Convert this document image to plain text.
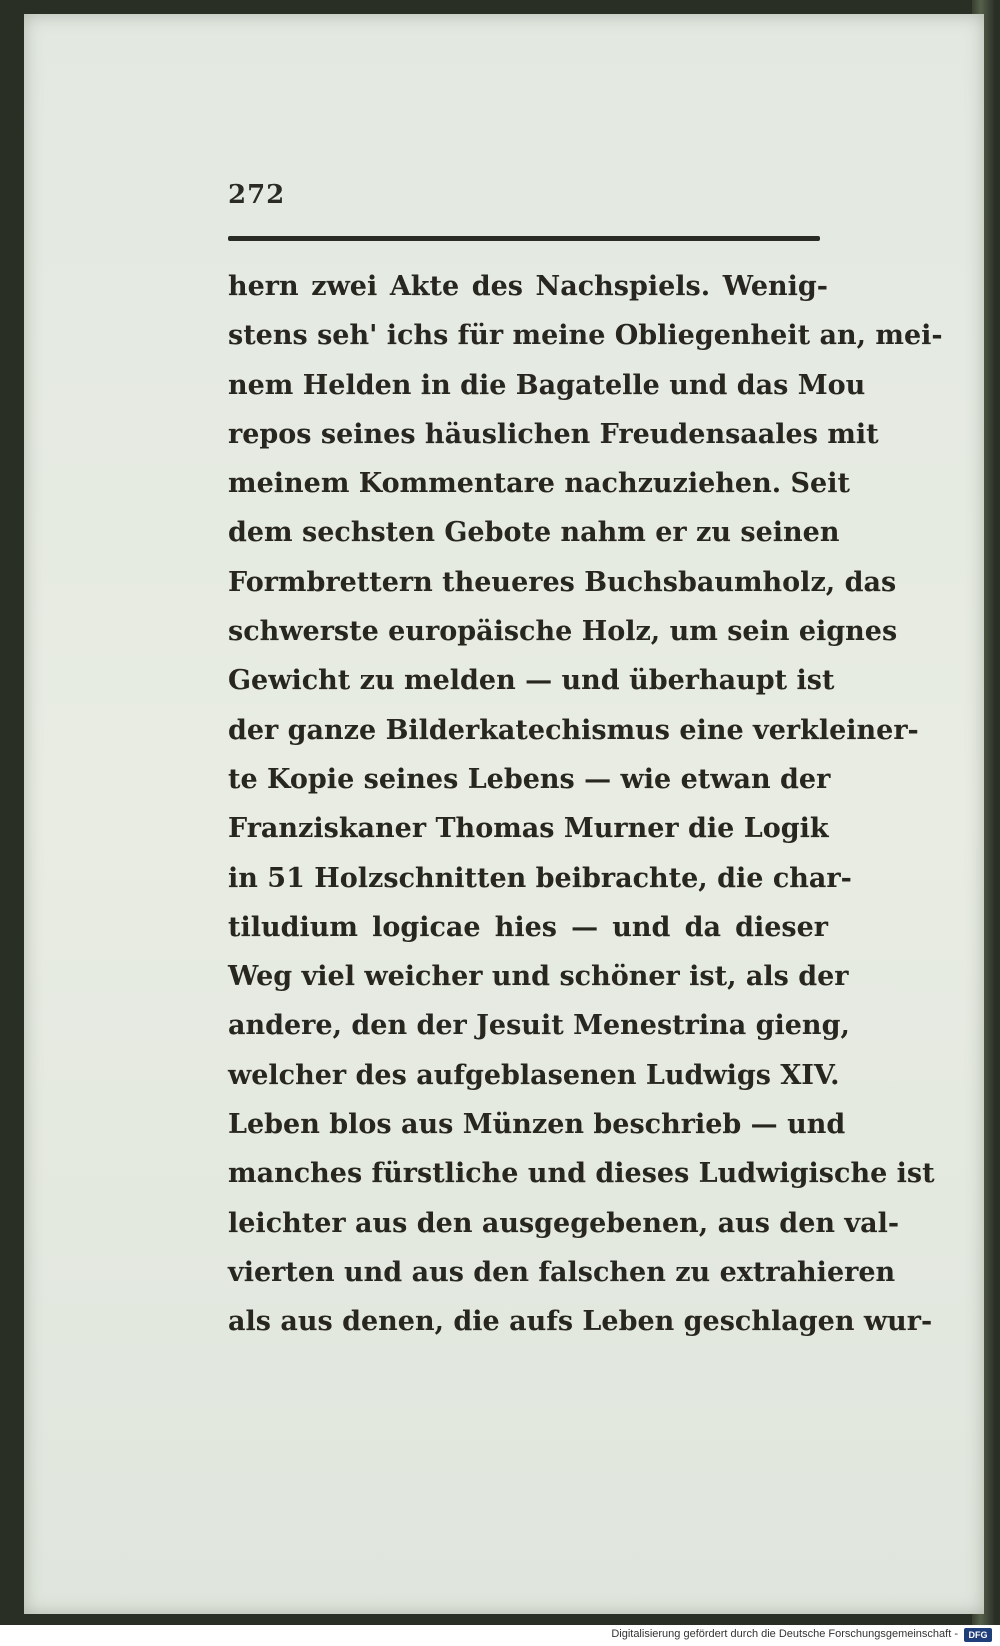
272
hern zwei Akte des Nachspiels. Wenig-
stens seh' ichs für meine Obliegenheit an, mei-
nem Helden in die Bagatelle und das Mou
repos seines häuslichen Freudensaales mit
meinem Kommentare nachzuziehen. Seit
dem sechsten Gebote nahm er zu seinen
Formbrettern theueres Buchsbaumholz, das
schwerste europäische Holz, um sein eignes
Gewicht zu melden — und überhaupt ist
der ganze Bilderkatechismus eine verkleiner-
te Kopie seines Lebens — wie etwan der
Franziskaner Thomas Murner die Logik
in 51 Holzschnitten beibrachte, die char-
tiludium logicae hies — und da dieser
Weg viel weicher und schöner ist, als der
andere, den der Jesuit Menestrina gieng,
welcher des aufgeblasenen Ludwigs XIV.
Leben blos aus Münzen beschrieb — und
manches fürstliche und dieses Ludwigische ist
leichter aus den ausgegebenen, aus den val-
vierten und aus den falschen zu extrahieren
als aus denen, die aufs Leben geschlagen wur-
Digitalisierung gefördert durch die Deutsche Forschungsgemeinschaft -	DFG
